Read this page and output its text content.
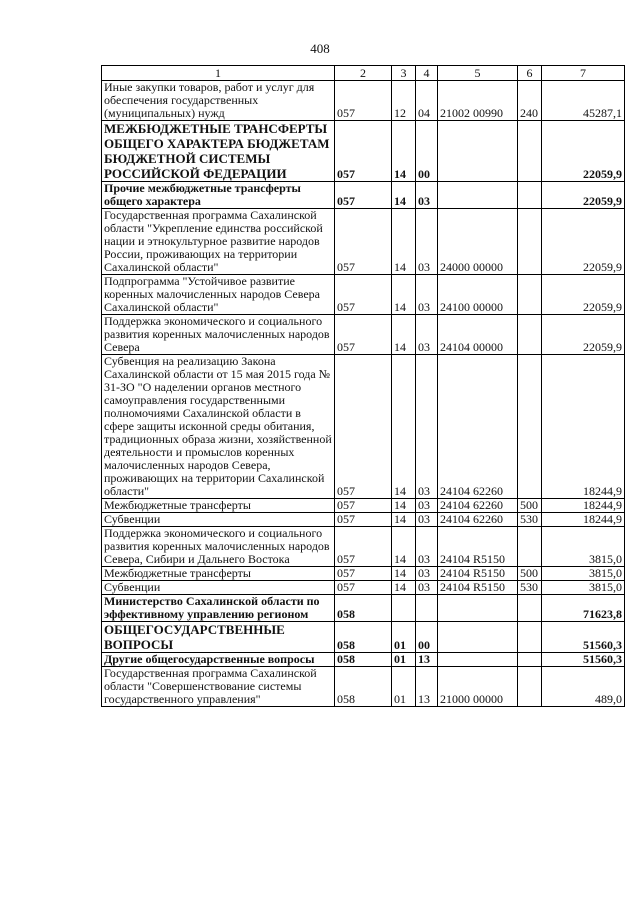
408
1	2	3	4	5	6	7
Иные закупки товаров, работ и услуг для обеспечения государственных (муниципальных) нужд	057	12	04	21002 00990	240	45287,1
МЕЖБЮДЖЕТНЫЕ ТРАНСФЕРТЫ ОБЩЕГО ХАРАКТЕРА БЮДЖЕТАМ БЮДЖЕТНОЙ СИСТЕМЫ РОССИЙСКОЙ ФЕДЕРАЦИИ	057	14	00			22059,9
Прочие межбюджетные трансферты общего характера	057	14	03			22059,9
Государственная программа Сахалинской области "Укрепление единства российской нации и этнокультурное развитие народов России, проживающих на территории Сахалинской области"	057	14	03	24000 00000		22059,9
Подпрограмма "Устойчивое развитие коренных малочисленных народов Севера Сахалинской области"	057	14	03	24100 00000		22059,9
Поддержка экономического и социального развития коренных малочисленных народов Севера	057	14	03	24104 00000		22059,9
Субвенция на реализацию Закона Сахалинской области от 15 мая 2015 года № 31-ЗО "О наделении органов местного самоуправления государственными полномочиями Сахалинской области в сфере защиты исконной среды обитания, традиционных образа жизни, хозяйственной деятельности и промыслов коренных малочисленных народов Севера, проживающих на территории Сахалинской области"	057	14	03	24104 62260		18244,9
Межбюджетные трансферты	057	14	03	24104 62260	500	18244,9
Субвенции	057	14	03	24104 62260	530	18244,9
Поддержка экономического и социального развития коренных малочисленных народов Севера, Сибири и Дальнего Востока	057	14	03	24104 R5150		3815,0
Межбюджетные трансферты	057	14	03	24104 R5150	500	3815,0
Субвенции	057	14	03	24104 R5150	530	3815,0
Министерство Сахалинской области по эффективному управлению регионом	058					71623,8
ОБЩЕГОСУДАРСТВЕННЫЕ ВОПРОСЫ	058	01	00			51560,3
Другие общегосударственные вопросы	058	01	13			51560,3
Государственная программа Сахалинской области "Совершенствование системы государственного управления"	058	01	13	21000 00000		489,0
